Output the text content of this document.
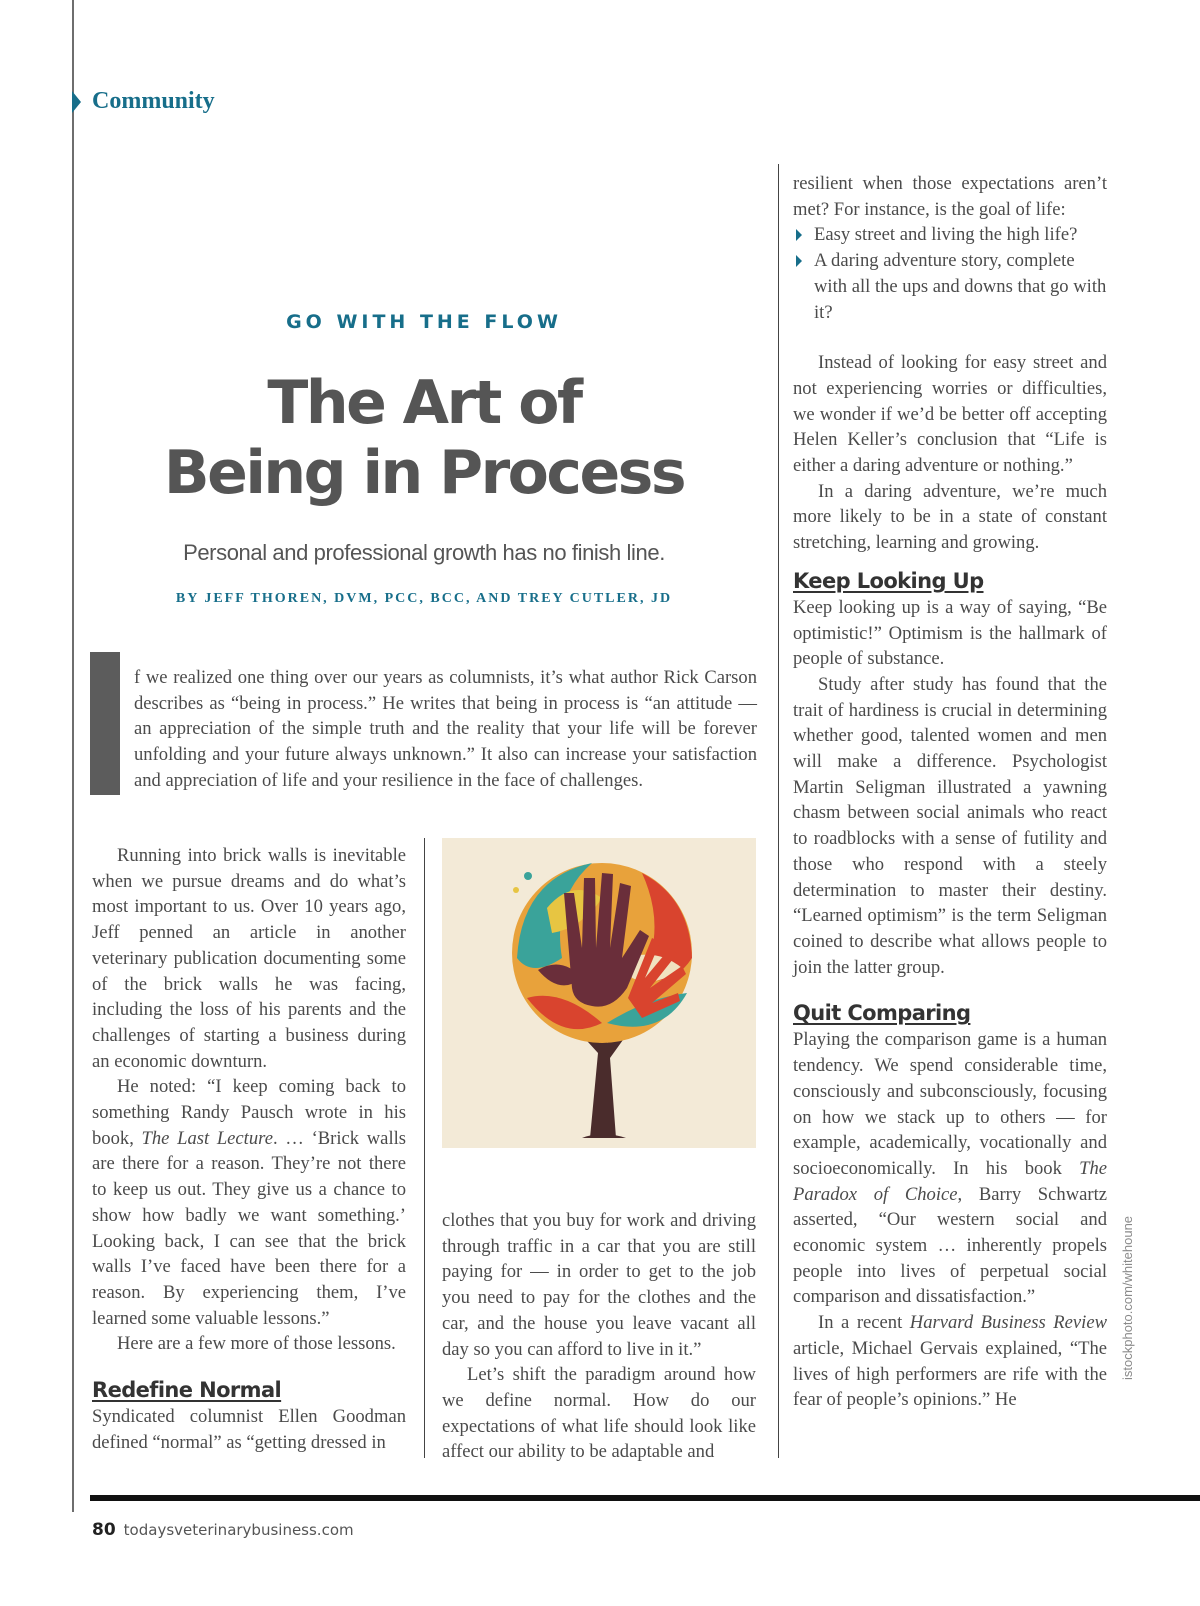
Community
GO WITH THE FLOW
The Art of
Being in Process
Personal and professional growth has no finish line.
BY JEFF THOREN, DVM, PCC, BCC, AND TREY CUTLER, JD
f we realized one thing over our years as columnists, it’s what author Rick Carson describes as “being in process.” He writes that being in process is “an attitude — an appreciation of the simple truth and the reality that your life will be forever unfolding and your future always unknown.” It also can increase your satisfaction and appreciation of life and your resilience in the face of challenges.

Running into brick walls is inevitable when we pursue dreams and do what’s most important to us. Over 10 years ago, Jeff penned an article in another veterinary publication documenting some of the brick walls he was facing, including the loss of his parents and the challenges of starting a business during an economic downturn.

He noted: “I keep coming back to something Randy Pausch wrote in his book, The Last Lecture. … ‘Brick walls are there for a reason. They’re not there to keep us out. They give us a chance to show how badly we want something.’ Looking back, I can see that the brick walls I’ve faced have been there for a reason. By experiencing them, I’ve learned some valuable lessons.”

Here are a few more of those lessons.

Redefine Normal

Syndicated columnist Ellen Goodman defined “normal” as “getting dressed in

clothes that you buy for work and driving through traffic in a car that you are still paying for — in order to get to the job you need to pay for the clothes and the car, and the house you leave vacant all day so you can afford to live in it.”

Let’s shift the paradigm around how we define normal. How do our expectations of what life should look like affect our ability to be adaptable and

resilient when those expectations aren’t met? For instance, is the goal of life:

Easy street and living the high life?
A daring adventure story, complete with all the ups and downs that go with it?

Instead of looking for easy street and not experiencing worries or difficulties, we wonder if we’d be better off accepting Helen Keller’s conclusion that “Life is either a daring adventure or nothing.”

In a daring adventure, we’re much more likely to be in a state of constant stretching, learning and growing.

Keep Looking Up

Keep looking up is a way of saying, “Be optimistic!” Optimism is the hallmark of people of substance.

Study after study has found that the trait of hardiness is crucial in determining whether good, talented women and men will make a difference. Psychologist Martin Seligman illustrated a yawning chasm between social animals who react to roadblocks with a sense of futility and those who respond with a steely determination to master their destiny. “Learned optimism” is the term Seligman coined to describe what allows people to join the latter group.

Quit Comparing

Playing the comparison game is a human tendency. We spend considerable time, consciously and subconsciously, focusing on how we stack up to others — for example, academically, vocationally and socioeconomically. In his book The Paradox of Choice, Barry Schwartz asserted, “Our western social and economic system … inherently propels people into lives of perpetual social comparison and dissatisfaction.”

In a recent Harvard Business Review article, Michael Gervais explained, “The lives of high performers are rife with the fear of people’s opinions.” He

istockphoto.com/whitehoune
80 todaysveterinarybusiness.com
